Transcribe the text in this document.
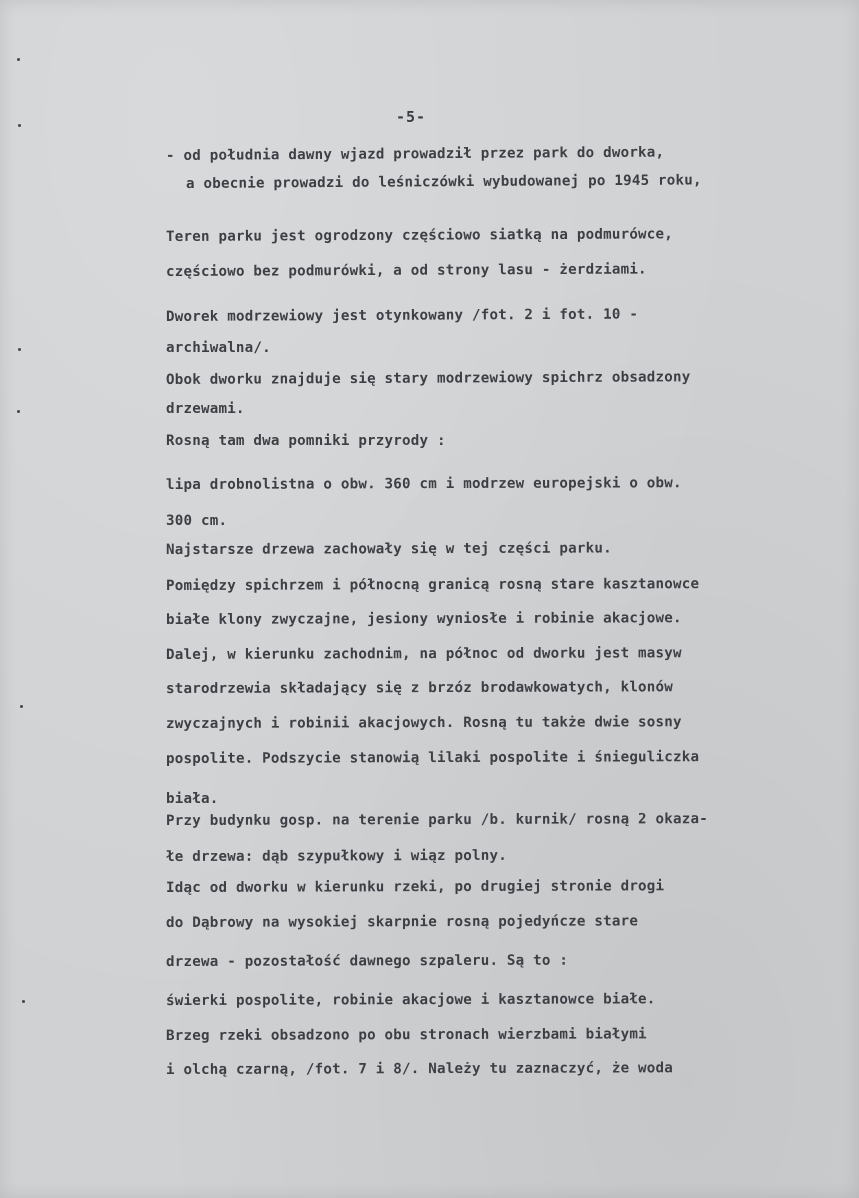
-5-
- od południa dawny wjazd prowadził przez park do dworka,
a obecnie prowadzi do leśniczówki wybudowanej po 1945 roku,
Teren parku jest ogrodzony częściowo siatką na podmurówce,
częściowo bez podmurówki, a od strony lasu - żerdziami.
Dworek modrzewiowy jest otynkowany /fot. 2 i fot. 10 -
archiwalna/.
Obok dworku znajduje się stary modrzewiowy spichrz obsadzony
drzewami.
Rosną tam dwa pomniki przyrody :
lipa drobnolistna o obw. 360 cm i modrzew europejski o obw.
300 cm.
Najstarsze drzewa zachowały się w tej części parku.
Pomiędzy spichrzem i północną granicą rosną stare kasztanowce
białe klony zwyczajne, jesiony wyniosłe i robinie akacjowe.
Dalej, w kierunku zachodnim, na północ od dworku jest masyw
starodrzewia składający się z brzóz brodawkowatych, klonów
zwyczajnych i robinii akacjowych. Rosną tu także dwie sosny
pospolite. Podszycie stanowią lilaki pospolite i śnieguliczka
biała.
Przy budynku gosp. na terenie parku /b. kurnik/ rosną 2 okaza-
łe drzewa: dąb szypułkowy i wiąz polny.
Idąc od dworku w kierunku rzeki, po drugiej stronie drogi
do Dąbrowy na wysokiej skarpnie rosną pojedyńcze stare
drzewa - pozostałość dawnego szpaleru. Są to :
świerki pospolite, robinie akacjowe i kasztanowce białe.
Brzeg rzeki obsadzono po obu stronach wierzbami białymi
i olchą czarną, /fot. 7 i 8/. Należy tu zaznaczyć, że woda
